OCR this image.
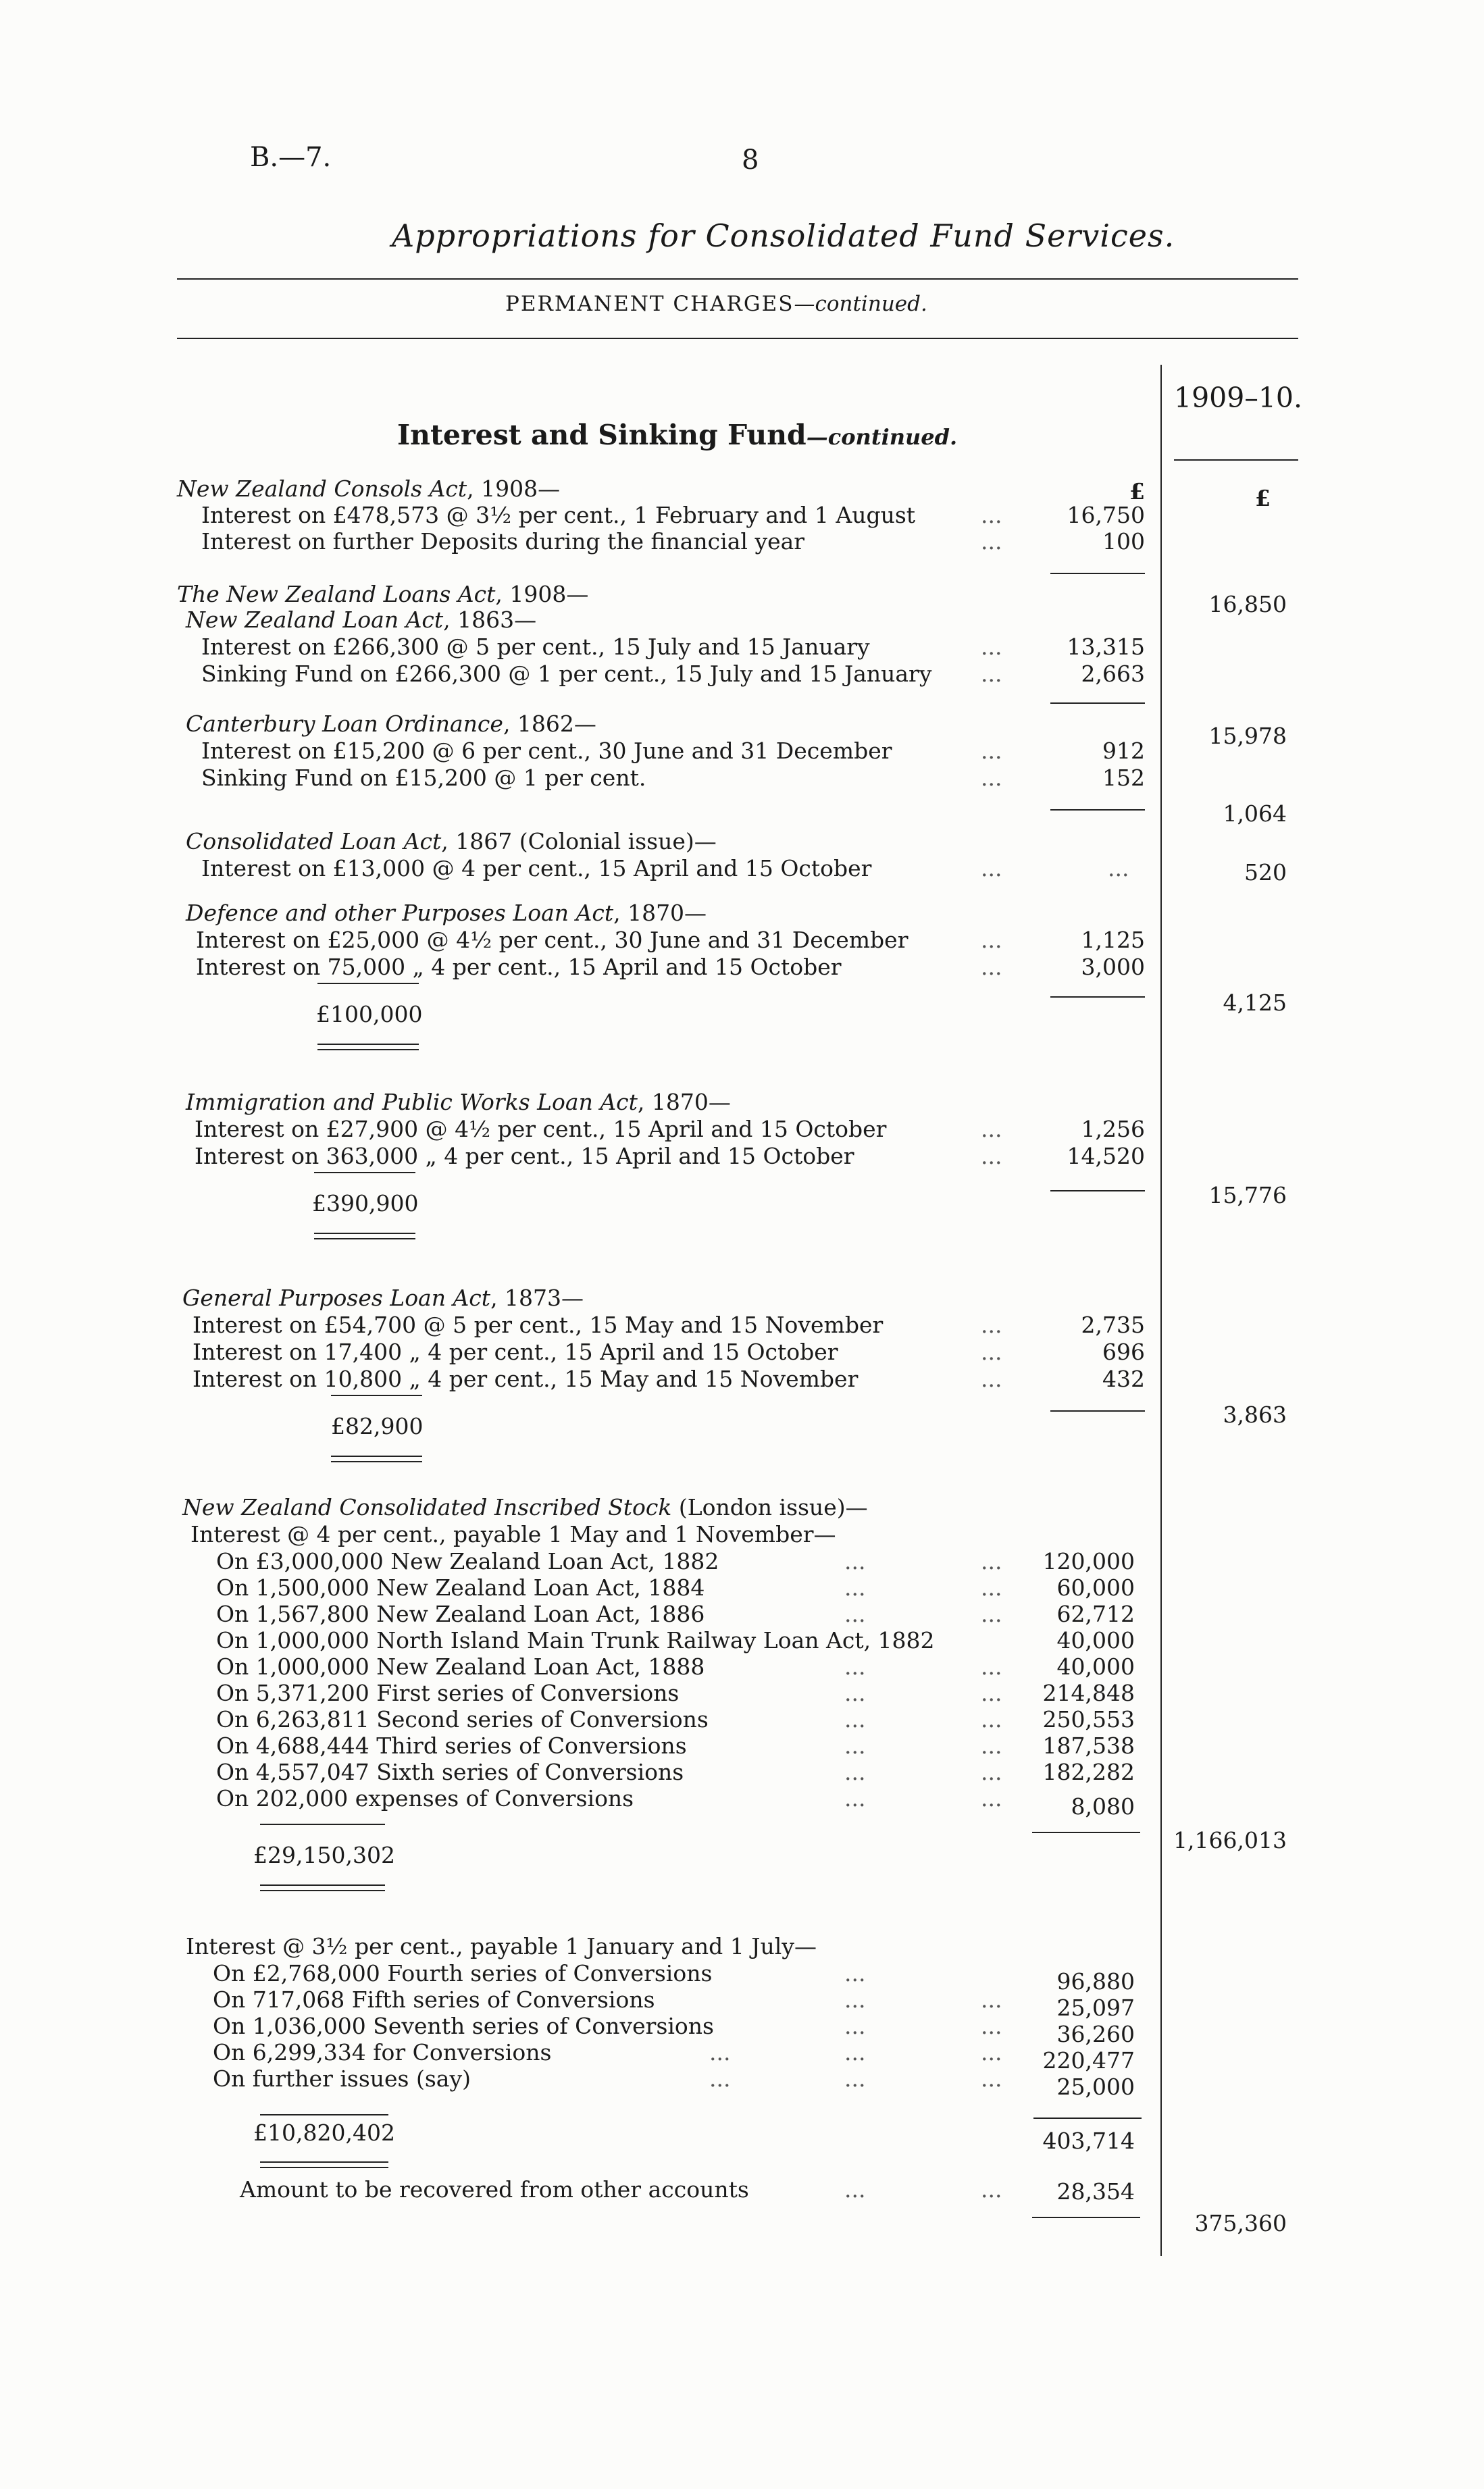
B.—7.	8
Appropriations for Consolidated Fund Services.
PERMANENT CHARGES—continued.
1909–10.
Interest and Sinking Fund—continued.
£	£
New Zealand Consols Act, 1908—
Interest on £478,573 @ 3½ per cent., 1 February and 1 August	...	16,750
Interest on further Deposits during the financial year	...	100
16,850
The New Zealand Loans Act, 1908—
New Zealand Loan Act, 1863—
Interest on £266,300 @ 5 per cent., 15 July and 15 January	...	13,315
Sinking Fund on £266,300 @ 1 per cent., 15 July and 15 January ...	2,663
15,978
Canterbury Loan Ordinance, 1862—
Interest on £15,200 @ 6 per cent., 30 June and 31 December	...	912
Sinking Fund on £15,200 @ 1 per cent.	...	152
1,064
Consolidated Loan Act, 1867 (Colonial issue)—
Interest on £13,000 @ 4 per cent., 15 April and 15 October	...	...	520
Defence and other Purposes Loan Act, 1870—
Interest on £25,000 @ 4½ per cent., 30 June and 31 December	...	1,125
Interest on 75,000 „ 4 per cent., 15 April and 15 October	...	3,000
£100,000	4,125
Immigration and Public Works Loan Act, 1870—
Interest on £27,900 @ 4½ per cent., 15 April and 15 October	...	1,256
Interest on 363,000 „ 4 per cent., 15 April and 15 October	...	14,520
£390,900	15,776
General Purposes Loan Act, 1873—
Interest on £54,700 @ 5 per cent., 15 May and 15 November	...	2,735
Interest on 17,400 „ 4 per cent., 15 April and 15 October	...	696
Interest on 10,800 „ 4 per cent., 15 May and 15 November	...	432
£82,900	3,863
New Zealand Consolidated Inscribed Stock (London issue)—
Interest @ 4 per cent., payable 1 May and 1 November—
On £3,000,000 New Zealand Loan Act, 1882	...	...	120,000
On 1,500,000 New Zealand Loan Act, 1884	...	...	60,000
On 1,567,800 New Zealand Loan Act, 1886	...	...	62,712
On 1,000,000 North Island Main Trunk Railway Loan Act, 1882	40,000
On 1,000,000 New Zealand Loan Act, 1888	...	...	40,000
On 5,371,200 First series of Conversions	...	...	214,848
On 6,263,811 Second series of Conversions	...	...	250,553
On 4,688,444 Third series of Conversions	...	...	187,538
On 4,557,047 Sixth series of Conversions	...	...	182,282
On 202,000 expenses of Conversions	...	...	8,080
£29,150,302
1,166,013
Interest @ 3½ per cent., payable 1 January and 1 July—
On £2,768,000 Fourth series of Conversions	...	96,880
On 717,068 Fifth series of Conversions	...	...	25,097
On 1,036,000 Seventh series of Conversions	...	...	36,260
On 6,299,334 for Conversions	...	...	...	220,477
On further issues (say)	...	...	...	25,000
£10,820,402	403,714
Amount to be recovered from other accounts	...	...	28,354
375,360
